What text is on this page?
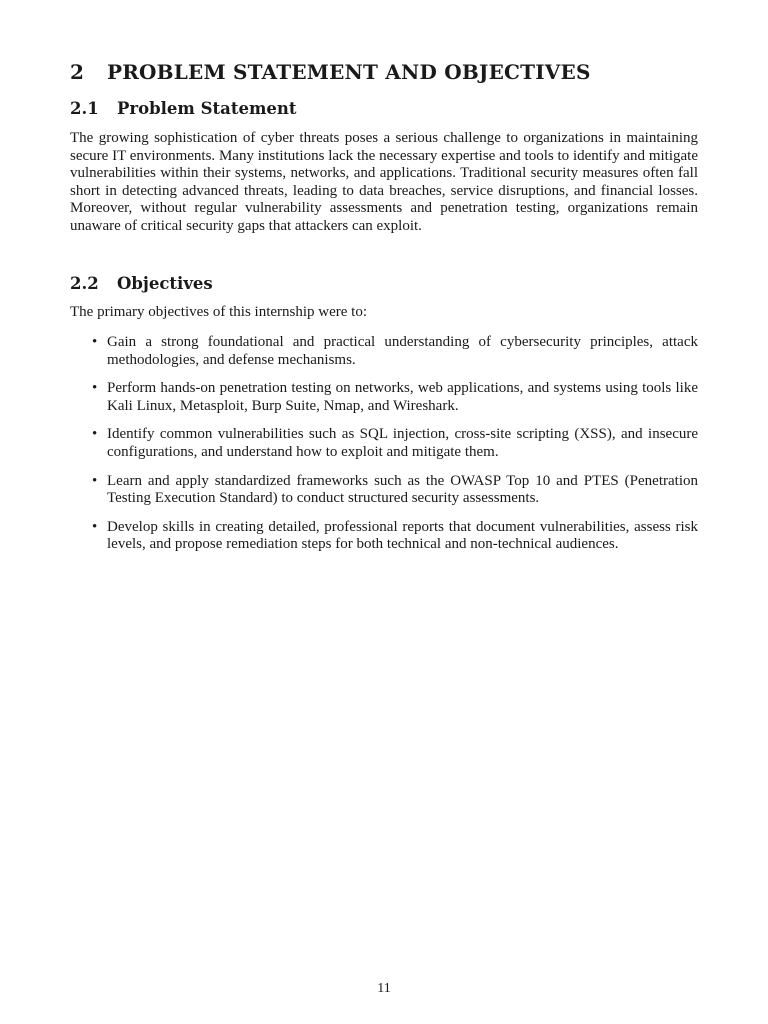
2 PROBLEM STATEMENT AND OBJECTIVES
2.1 Problem Statement

The growing sophistication of cyber threats poses a serious challenge to organizations in maintaining secure IT environments. Many institutions lack the necessary expertise and tools to identify and mitigate vulnerabilities within their systems, networks, and applications. Traditional security measures often fall short in detecting advanced threats, leading to data breaches, service disruptions, and financial losses. Moreover, without regular vulnerability assessments and penetration testing, organizations remain unaware of critical security gaps that attackers can exploit.

2.2 Objectives

The primary objectives of this internship were to:

• Gain a strong foundational and practical understanding of cybersecurity principles, attack methodologies, and defense mechanisms.
• Perform hands-on penetration testing on networks, web applications, and systems using tools like Kali Linux, Metasploit, Burp Suite, Nmap, and Wireshark.
• Identify common vulnerabilities such as SQL injection, cross-site scripting (XSS), and insecure configurations, and understand how to exploit and mitigate them.
• Learn and apply standardized frameworks such as the OWASP Top 10 and PTES (Penetration Testing Execution Standard) to conduct structured security assessments.
• Develop skills in creating detailed, professional reports that document vulnerabilities, assess risk levels, and propose remediation steps for both technical and non-technical audiences.
11
